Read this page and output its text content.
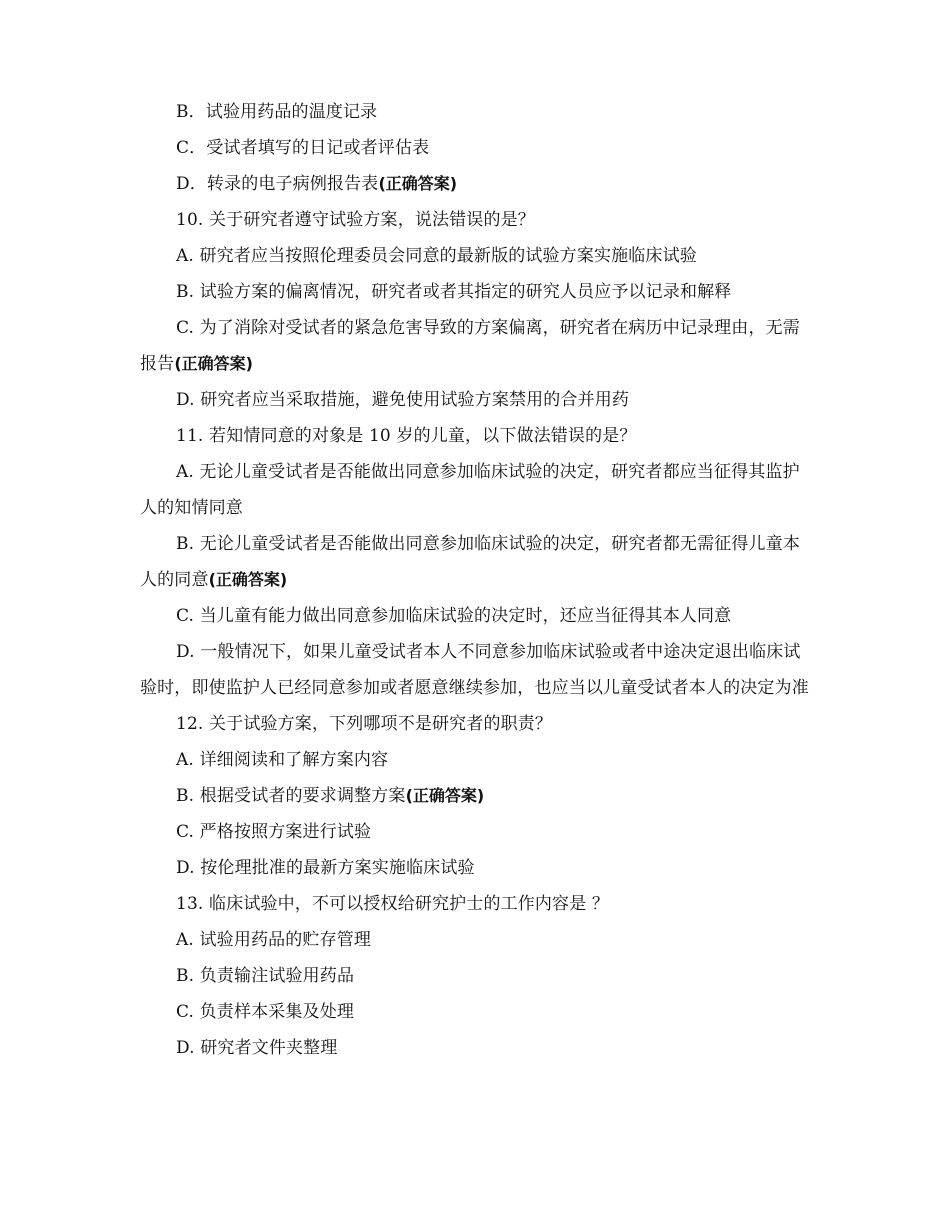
B．试验用药品的温度记录

C．受试者填写的日记或者评估表

D．转录的电子病例报告表(正确答案)

10. 关于研究者遵守试验方案，说法错误的是？

A. 研究者应当按照伦理委员会同意的最新版的试验方案实施临床试验

B. 试验方案的偏离情况，研究者或者其指定的研究人员应予以记录和解释

C. 为了消除对受试者的紧急危害导致的方案偏离，研究者在病历中记录理由，无需报告(正确答案)

D. 研究者应当采取措施，避免使用试验方案禁用的合并用药

11. 若知情同意的对象是 10 岁的儿童，以下做法错误的是？

A. 无论儿童受试者是否能做出同意参加临床试验的决定，研究者都应当征得其监护人的知情同意

B. 无论儿童受试者是否能做出同意参加临床试验的决定，研究者都无需征得儿童本人的同意(正确答案)

C. 当儿童有能力做出同意参加临床试验的决定时，还应当征得其本人同意

D. 一般情况下，如果儿童受试者本人不同意参加临床试验或者中途决定退出临床试验时，即使监护人已经同意参加或者愿意继续参加，也应当以儿童受试者本人的决定为准

12. 关于试验方案，下列哪项不是研究者的职责？

A. 详细阅读和了解方案内容

B. 根据受试者的要求调整方案(正确答案)

C. 严格按照方案进行试验

D. 按伦理批准的最新方案实施临床试验

13. 临床试验中，不可以授权给研究护士的工作内容是 ？

A. 试验用药品的贮存管理

B. 负责输注试验用药品

C. 负责样本采集及处理

D. 研究者文件夹整理
